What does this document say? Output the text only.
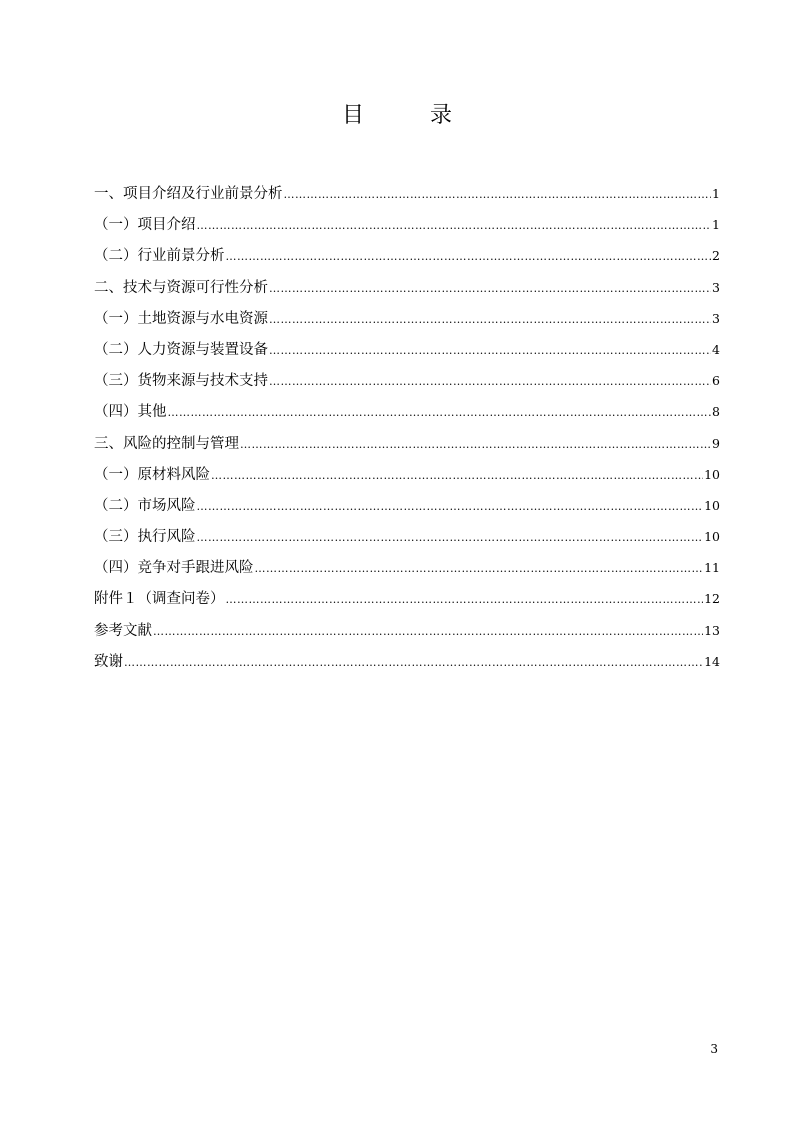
目　录
一、项目介绍及行业前景分析 …………………………………………………………………………………………………………………………………………………………………………………………………………	1
（一）项目介绍 …………………………………………………………………………………………………………………………………………………………………………………………………………	1
（二）行业前景分析 …………………………………………………………………………………………………………………………………………………………………………………………………………	2
二、技术与资源可行性分析 …………………………………………………………………………………………………………………………………………………………………………………………………………	3
（一）土地资源与水电资源 …………………………………………………………………………………………………………………………………………………………………………………………………………	3
（二）人力资源与装置设备 …………………………………………………………………………………………………………………………………………………………………………………………………………	4
（三）货物来源与技术支持 …………………………………………………………………………………………………………………………………………………………………………………………………………	6
（四）其他 …………………………………………………………………………………………………………………………………………………………………………………………………………	8
三、风险的控制与管理 …………………………………………………………………………………………………………………………………………………………………………………………………………	9
（一）原材料风险 …………………………………………………………………………………………………………………………………………………………………………………………………………	10
（二）市场风险 …………………………………………………………………………………………………………………………………………………………………………………………………………	10
（三）执行风险 …………………………………………………………………………………………………………………………………………………………………………………………………………	10
（四）竞争对手跟进风险 …………………………………………………………………………………………………………………………………………………………………………………………………………	11
附件１（调查问卷） …………………………………………………………………………………………………………………………………………………………………………………………………………	12
参考文献 …………………………………………………………………………………………………………………………………………………………………………………………………………	13
致谢 …………………………………………………………………………………………………………………………………………………………………………………………………………	14
3
